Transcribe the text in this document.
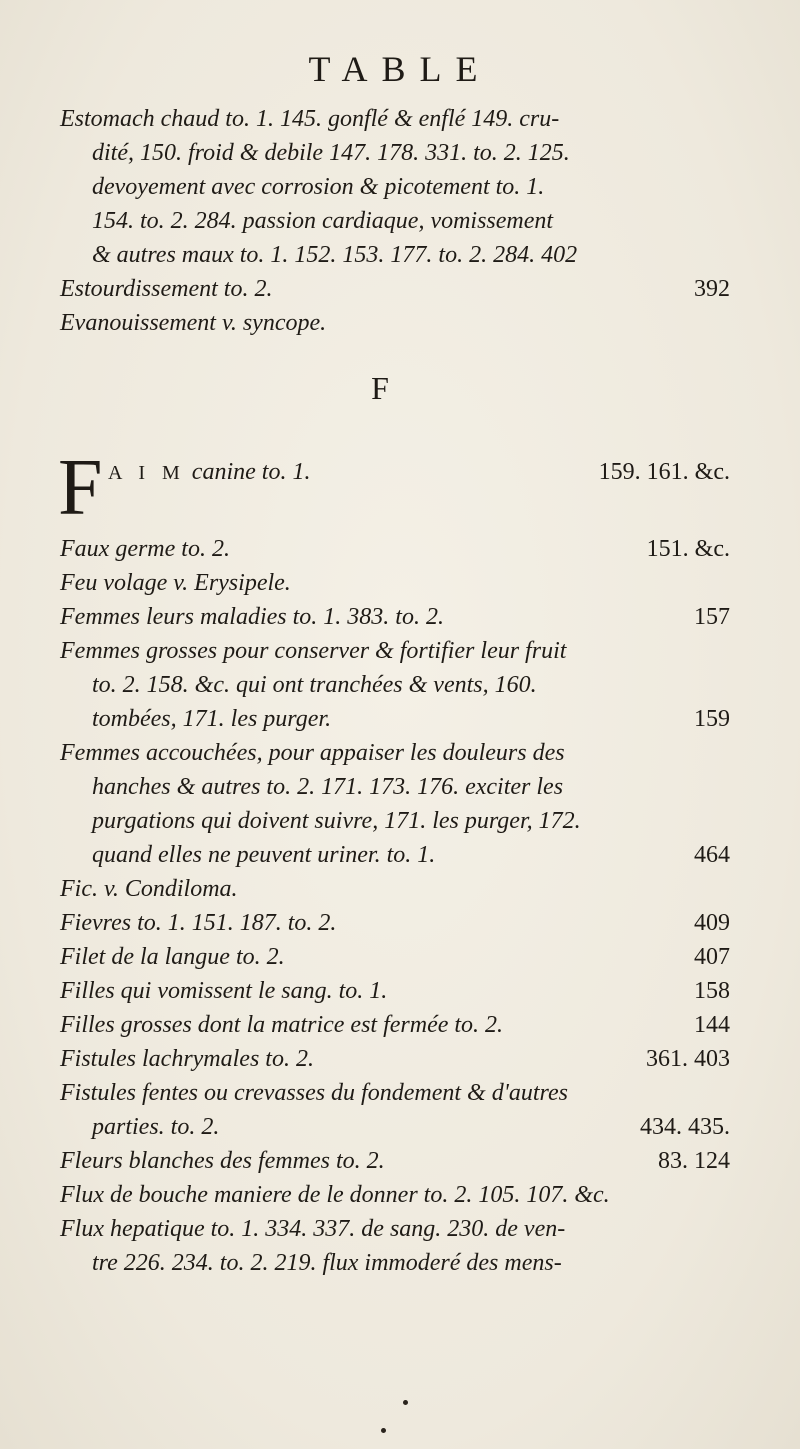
TABLE
Estomach chaud to. 1. 145. gonflé & enflé 149. cru-
dité, 150. froid & debile 147. 178. 331. to. 2. 125.
devoyement avec corrosion & picotement to. 1.
154. to. 2. 284. passion cardiaque, vomissement
& autres maux to. 1. 152. 153. 177. to. 2. 284. 402
Estourdissement to. 2.	392
Evanouissement v. syncope.
F
F A I M canine to. 1.	159. 161. &c.
Faux germe to. 2.	151. &c.
Feu volage v. Erysipele.
Femmes leurs maladies to. 1. 383. to. 2.	157
Femmes grosses pour conserver & fortifier leur fruit
to. 2. 158. &c. qui ont tranchées & vents, 160.
tombées, 171. les purger.	159
Femmes accouchées, pour appaiser les douleurs des
hanches & autres to. 2. 171. 173. 176. exciter les
purgations qui doivent suivre, 171. les purger, 172.
quand elles ne peuvent uriner. to. 1.	464
Fic. v. Condiloma.
Fievres to. 1. 151. 187. to. 2.	409
Filet de la langue to. 2.	407
Filles qui vomissent le sang. to. 1.	158
Filles grosses dont la matrice est fermée to. 2.	144
Fistules lachrymales to. 2.	361. 403
Fistules fentes ou crevasses du fondement & d'autres
parties. to. 2.	434. 435.
Fleurs blanches des femmes to. 2.	83. 124
Flux de bouche maniere de le donner to. 2. 105. 107. &c.
Flux hepatique to. 1. 334. 337. de sang. 230. de ven-
tre 226. 234. to. 2. 219. flux immoderé des mens-
